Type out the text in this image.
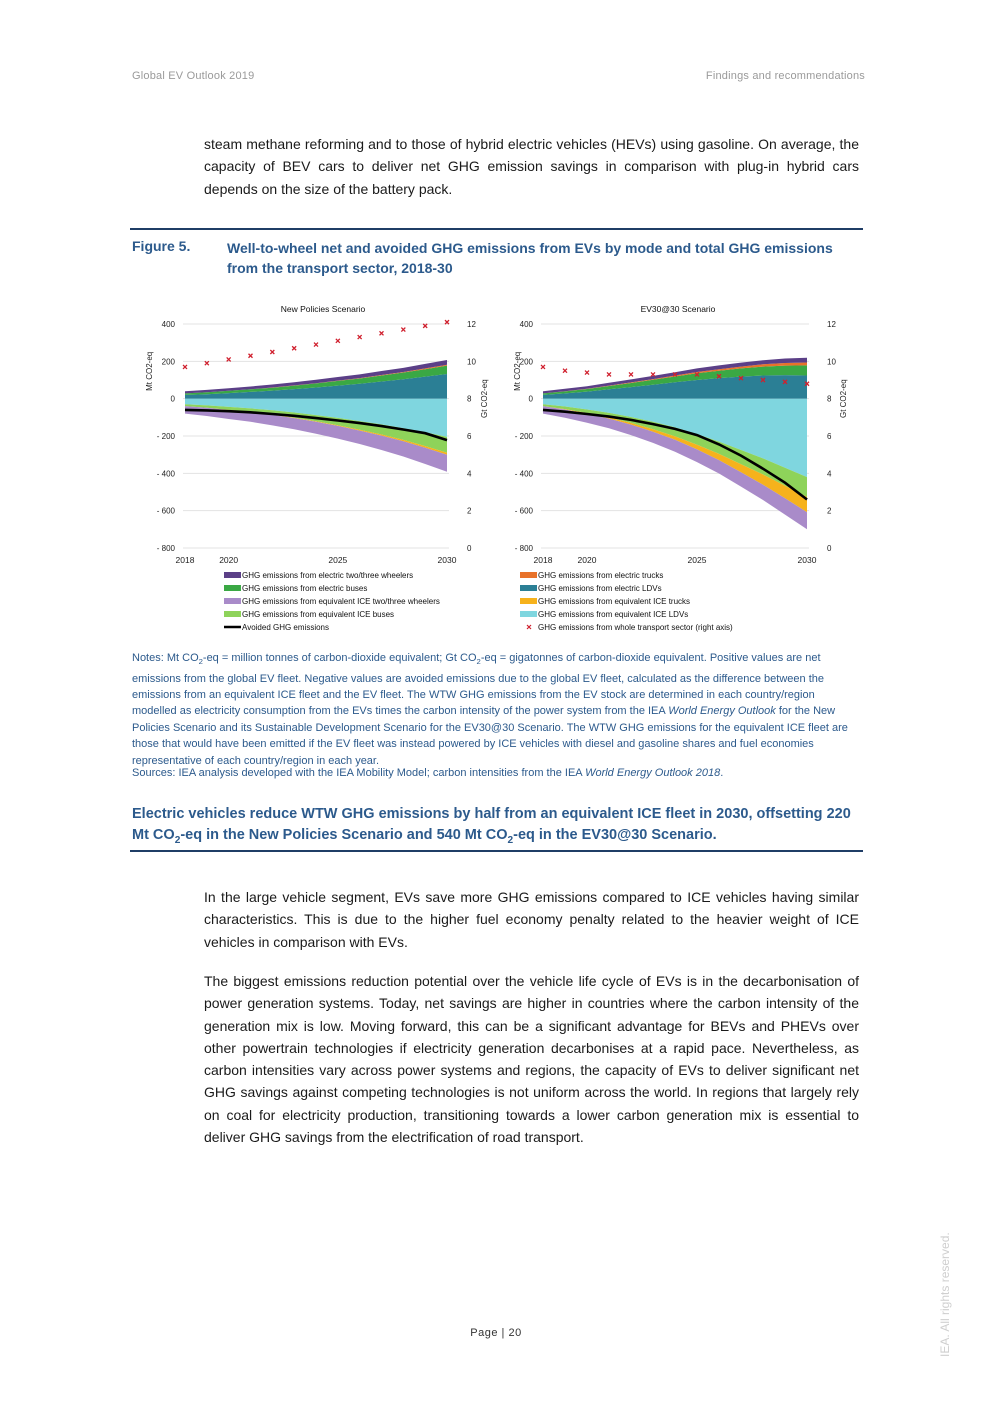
Global EV Outlook 2019	Findings and recommendations

steam methane reforming and to those of hybrid electric vehicles (HEVs) using gasoline. On average, the capacity of BEV cars to deliver net GHG emission savings in comparison with plug-in hybrid cars depends on the size of the battery pack.

Figure 5.	Well-to-wheel net and avoided GHG emissions from EVs by mode and total GHG emissions from the transport sector, 2018-30
New Policies Scenario
400
200
0
- 200
- 400
- 600
- 800
12
10
8
6
4
2
0
Mt CO2-eq
Gt CO2-eq
2018	2020	2025	2030
EV30@30 Scenario
400
200
0
- 200
- 400
- 600
- 800
12
10
8
6
4
2
0
Mt CO2-eq
Gt CO2-eq
2018	2020	2025	2030
GHG emissions from electric two/three wheelers
GHG emissions from electric buses
GHG emissions from equivalent ICE two/three wheelers
GHG emissions from equivalent ICE buses
Avoided GHG emissions
GHG emissions from electric trucks
GHG emissions from electric LDVs
GHG emissions from equivalent ICE trucks
GHG emissions from equivalent ICE LDVs
GHG emissions from whole transport sector (right axis)

Notes: Mt $CO_2-eq$ = million tonnes of carbon-dioxide equivalent; Gt $CO_2-eq$ = gigatonnes of carbon-dioxide equivalent. Positive values are net emissions from the global EV fleet. Negative values are avoided emissions due to the global EV fleet, calculated as the difference between the emissions from an equivalent ICE fleet and the EV fleet. The WTW GHG emissions from the EV stock are determined in each country/region modelled as electricity consumption from the EVs times the carbon intensity of the power system from the IEA World Energy Outlook for the New Policies Scenario and its Sustainable Development Scenario for the EV30@30 Scenario. The WTW GHG emissions for the equivalent ICE fleet are those that would have been emitted if the EV fleet was instead powered by ICE vehicles with diesel and gasoline shares and fuel economies representative of each country/region in each year.

Sources: IEA analysis developed with the IEA Mobility Model; carbon intensities from the IEA World Energy Outlook 2018.
Electric vehicles reduce WTW GHG emissions by half from an equivalent ICE fleet in 2030, offsetting 220 Mt $CO_2-eq$ in the New Policies Scenario and 540 Mt $CO_2-eq$ in the EV30@30 Scenario.

In the large vehicle segment, EVs save more GHG emissions compared to ICE vehicles having similar characteristics. This is due to the higher fuel economy penalty related to the heavier weight of ICE vehicles in comparison with EVs.

The biggest emissions reduction potential over the vehicle life cycle of EVs is in the decarbonisation of power generation systems. Today, net savings are higher in countries where the carbon intensity of the generation mix is low. Moving forward, this can be a significant advantage for BEVs and PHEVs over other powertrain technologies if electricity generation decarbonises at a rapid pace. Nevertheless, as carbon intensities vary across power systems and regions, the capacity of EVs to deliver significant net GHG savings against competing technologies is not uniform across the world. In regions that largely rely on coal for electricity production, transitioning towards a lower carbon generation mix is essential to deliver GHG savings from the electrification of road transport.

Page | 20	IEA. All rights reserved.
